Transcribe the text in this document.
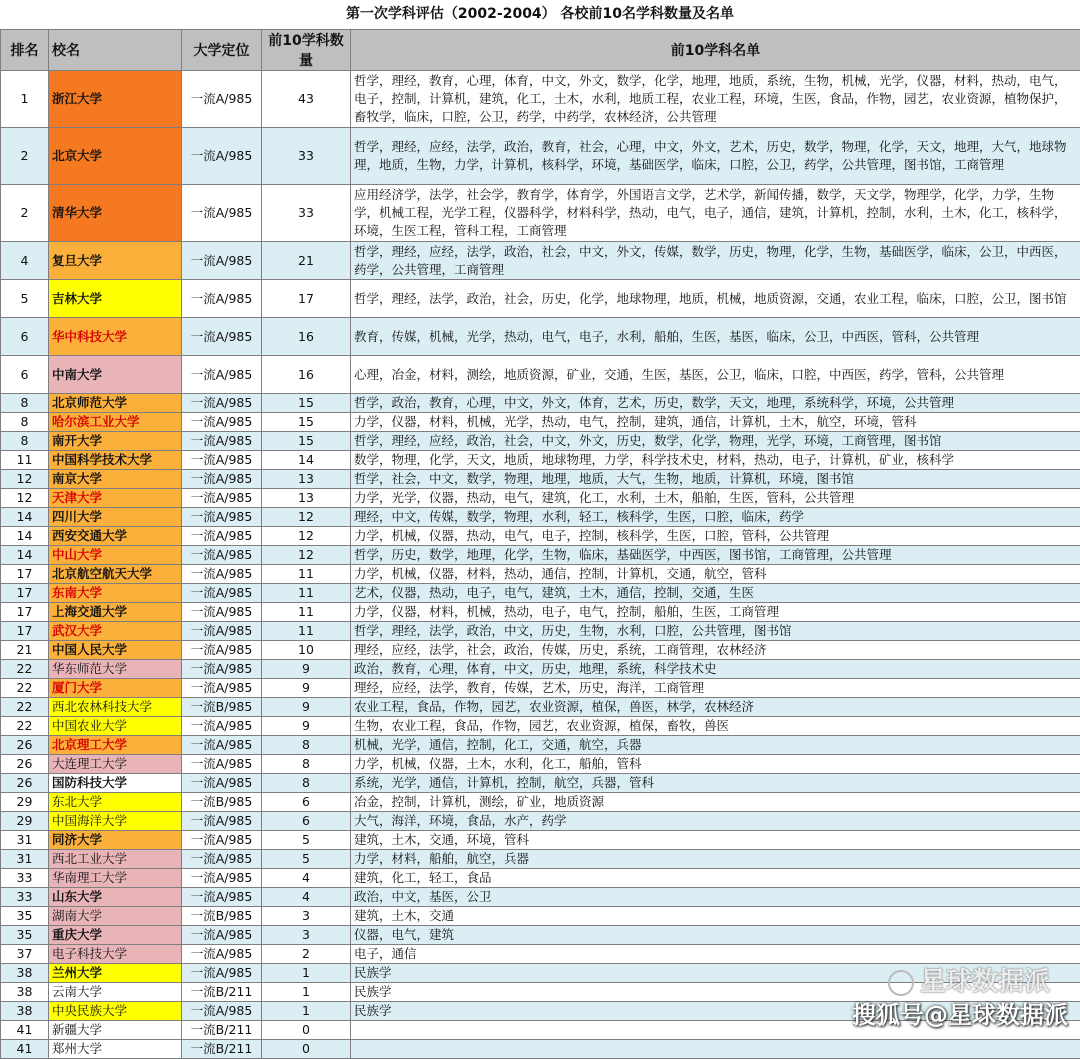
第一次学科评估（2002-2004） 各校前10名学科数量及名单
排名	校名	大学定位	前10学科数量	前10学科名单
1	浙江大学	一流A/985	43	哲学，理经，教育，心理，体育，中文，外文，数学，化学，地理，地质，系统，生物，机械，光学，仪器，材料，热动，电气，电子，控制，计算机，建筑，化工，土木，水利，地质工程，农业工程，环境，生医，食品，作物，园艺，农业资源，植物保护，畜牧学，临床，口腔，公卫，药学，中药学，农林经济，公共管理
2	北京大学	一流A/985	33	哲学，理经，应经，法学，政治，教育，社会，心理，中文，外文，艺术，历史，数学，物理，化学，天文，地理，大气，地球物理，地质，生物，力学，计算机，核科学，环境，基础医学，临床，口腔，公卫，药学，公共管理，图书馆，工商管理
2	清华大学	一流A/985	33	应用经济学，法学，社会学，教育学，体育学，外国语言文学，艺术学，新闻传播，数学，天文学，物理学，化学，力学，生物学，机械工程，光学工程，仪器科学，材料科学，热动，电气，电子，通信，建筑，计算机，控制，水利，土木，化工，核科学，环境，生医工程，管科工程，工商管理
4	复旦大学	一流A/985	21	哲学，理经，应经，法学，政治，社会，中文，外文，传媒，数学，历史，物理，化学，生物，基础医学，临床，公卫，中西医，药学，公共管理，工商管理
5	吉林大学	一流A/985	17	哲学，理经，法学，政治，社会，历史，化学，地球物理，地质，机械，地质资源，交通，农业工程，临床，口腔，公卫，图书馆
6	华中科技大学	一流A/985	16	教育，传媒，机械，光学，热动，电气，电子，水利，船舶，生医，基医，临床，公卫，中西医，管科，公共管理
6	中南大学	一流A/985	16	心理，冶金，材料，测绘，地质资源，矿业，交通，生医，基医，公卫，临床，口腔，中西医，药学，管科，公共管理
8	北京师范大学	一流A/985	15	哲学，政治，教育，心理，中文，外文，体育，艺术，历史，数学，天文，地理，系统科学，环境，公共管理
8	哈尔滨工业大学	一流A/985	15	力学，仪器，材料，机械，光学，热动，电气，控制，建筑，通信，计算机，土木，航空，环境，管科
8	南开大学	一流A/985	15	哲学，理经，应经，政治，社会，中文，外文，历史，数学，化学，物理，光学，环境，工商管理，图书馆
11	中国科学技术大学	一流A/985	14	数学，物理，化学，天文，地质，地球物理，力学，科学技术史，材料，热动，电子，计算机，矿业，核科学
12	南京大学	一流A/985	13	哲学，社会，中文，数学，物理，地理，地质，大气，生物，地质，计算机，环境，图书馆
12	天津大学	一流A/985	13	力学，光学，仪器，热动，电气，建筑，化工，水利，土木，船舶，生医，管科，公共管理
14	四川大学	一流A/985	12	理经，中文，传媒，数学，物理，水利，轻工，核科学，生医，口腔，临床，药学
14	西安交通大学	一流A/985	12	力学，机械，仪器，热动，电气，电子，控制，核科学，生医，口腔，管科，公共管理
14	中山大学	一流A/985	12	哲学，历史，数学，地理，化学，生物，临床，基础医学，中西医，图书馆，工商管理，公共管理
17	北京航空航天大学	一流A/985	11	力学，机械，仪器，材料，热动，通信，控制，计算机，交通，航空，管科
17	东南大学	一流A/985	11	艺术，仪器，热动，电子，电气，建筑，土木，通信，控制，交通，生医
17	上海交通大学	一流A/985	11	力学，仪器，材料，机械，热动，电子，电气，控制，船舶，生医，工商管理
17	武汉大学	一流A/985	11	哲学，理经，法学，政治，中文，历史，生物，水利，口腔，公共管理，图书馆
21	中国人民大学	一流A/985	10	理经，应经，法学，社会，政治，传媒，历史，系统，工商管理，农林经济
22	华东师范大学	一流A/985	9	政治，教育，心理，体育，中文，历史，地理，系统，科学技术史
22	厦门大学	一流A/985	9	理经，应经，法学，教育，传媒，艺术，历史，海洋，工商管理
22	西北农林科技大学	一流B/985	9	农业工程，食品，作物，园艺，农业资源，植保，兽医，林学，农林经济
22	中国农业大学	一流A/985	9	生物，农业工程，食品，作物，园艺，农业资源，植保，畜牧，兽医
26	北京理工大学	一流A/985	8	机械，光学，通信，控制，化工，交通，航空，兵器
26	大连理工大学	一流A/985	8	力学，机械，仪器，土木，水利，化工，船舶，管科
26	国防科技大学	一流A/985	8	系统，光学，通信，计算机，控制，航空，兵器，管科
29	东北大学	一流B/985	6	冶金，控制，计算机，测绘，矿业，地质资源
29	中国海洋大学	一流A/985	6	大气，海洋，环境，食品，水产，药学
31	同济大学	一流A/985	5	建筑，土木，交通，环境，管科
31	西北工业大学	一流A/985	5	力学，材料，船舶，航空，兵器
33	华南理工大学	一流A/985	4	建筑，化工，轻工，食品
33	山东大学	一流A/985	4	政治，中文，基医，公卫
35	湖南大学	一流B/985	3	建筑，土木，交通
35	重庆大学	一流A/985	3	仪器，电气，建筑
37	电子科技大学	一流A/985	2	电子，通信
38	兰州大学	一流A/985	1	民族学
38	云南大学	一流B/211	1	民族学
38	中央民族大学	一流A/985	1	民族学
41	新疆大学	一流B/211	0	
41	郑州大学	一流B/211	0	
星球数据派
搜狐号@星球数据派
